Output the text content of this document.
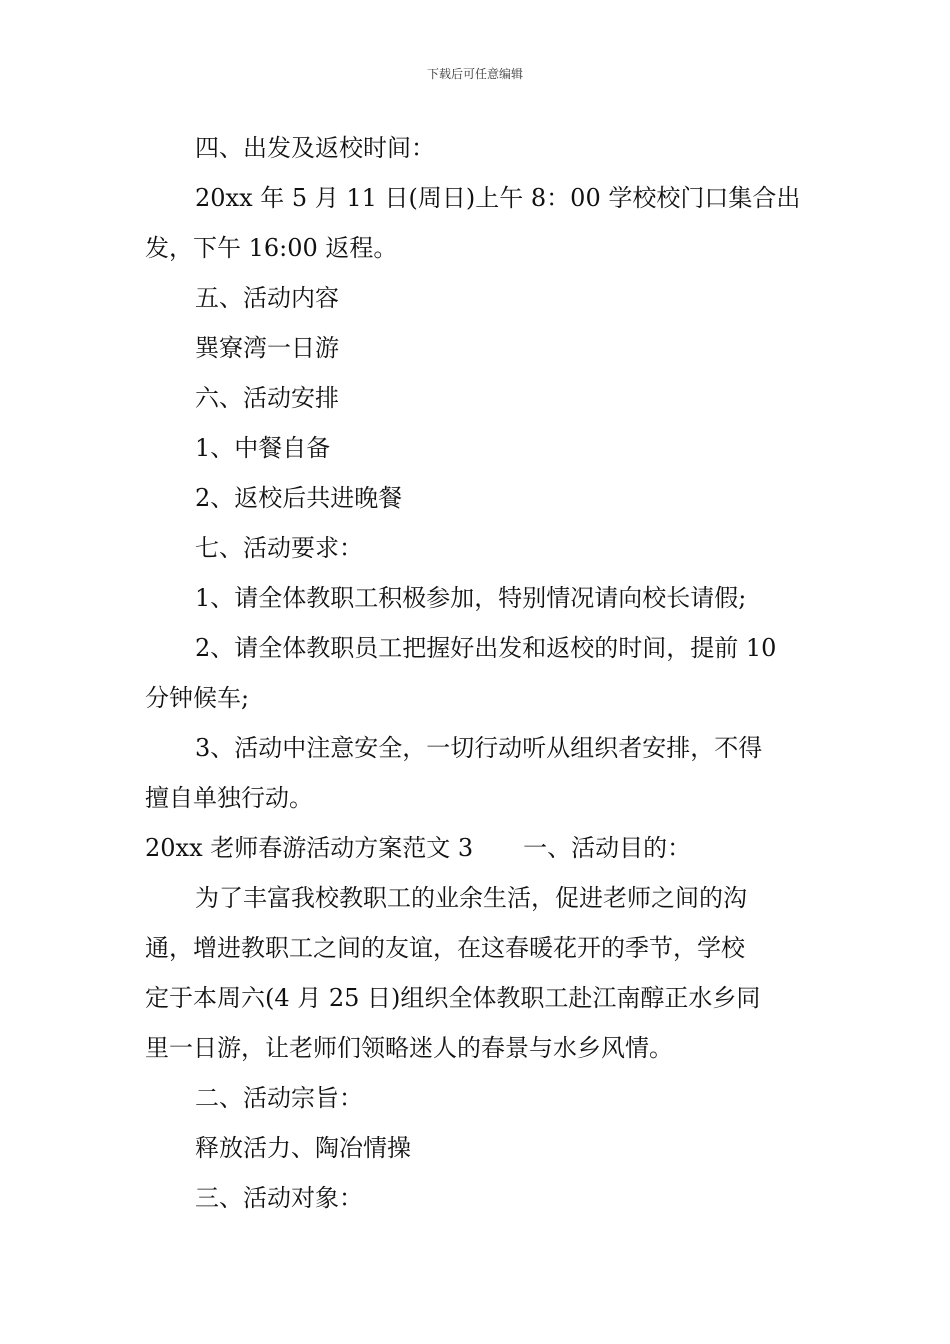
下载后可任意编辑

四、出发及返校时间：

20xx 年 5 月 11 日(周日)上午 8：00 学校校门口集合出
发，下午 16:00 返程。

五、活动内容

巽寮湾一日游

六、活动安排

1、中餐自备

2、返校后共进晚餐

七、活动要求：

1、请全体教职工积极参加，特别情况请向校长请假;

2、请全体教职员工把握好出发和返校的时间，提前 10
分钟候车;

3、活动中注意安全，一切行动听从组织者安排，不得
擅自单独行动。

20xx 老师春游活动方案范文 3 一、活动目的：

为了丰富我校教职工的业余生活，促进老师之间的沟
通，增进教职工之间的友谊，在这春暖花开的季节，学校
定于本周六(4 月 25 日)组织全体教职工赴江南醇正水乡同
里一日游，让老师们领略迷人的春景与水乡风情。

二、活动宗旨：

释放活力、陶冶情操

三、活动对象：
